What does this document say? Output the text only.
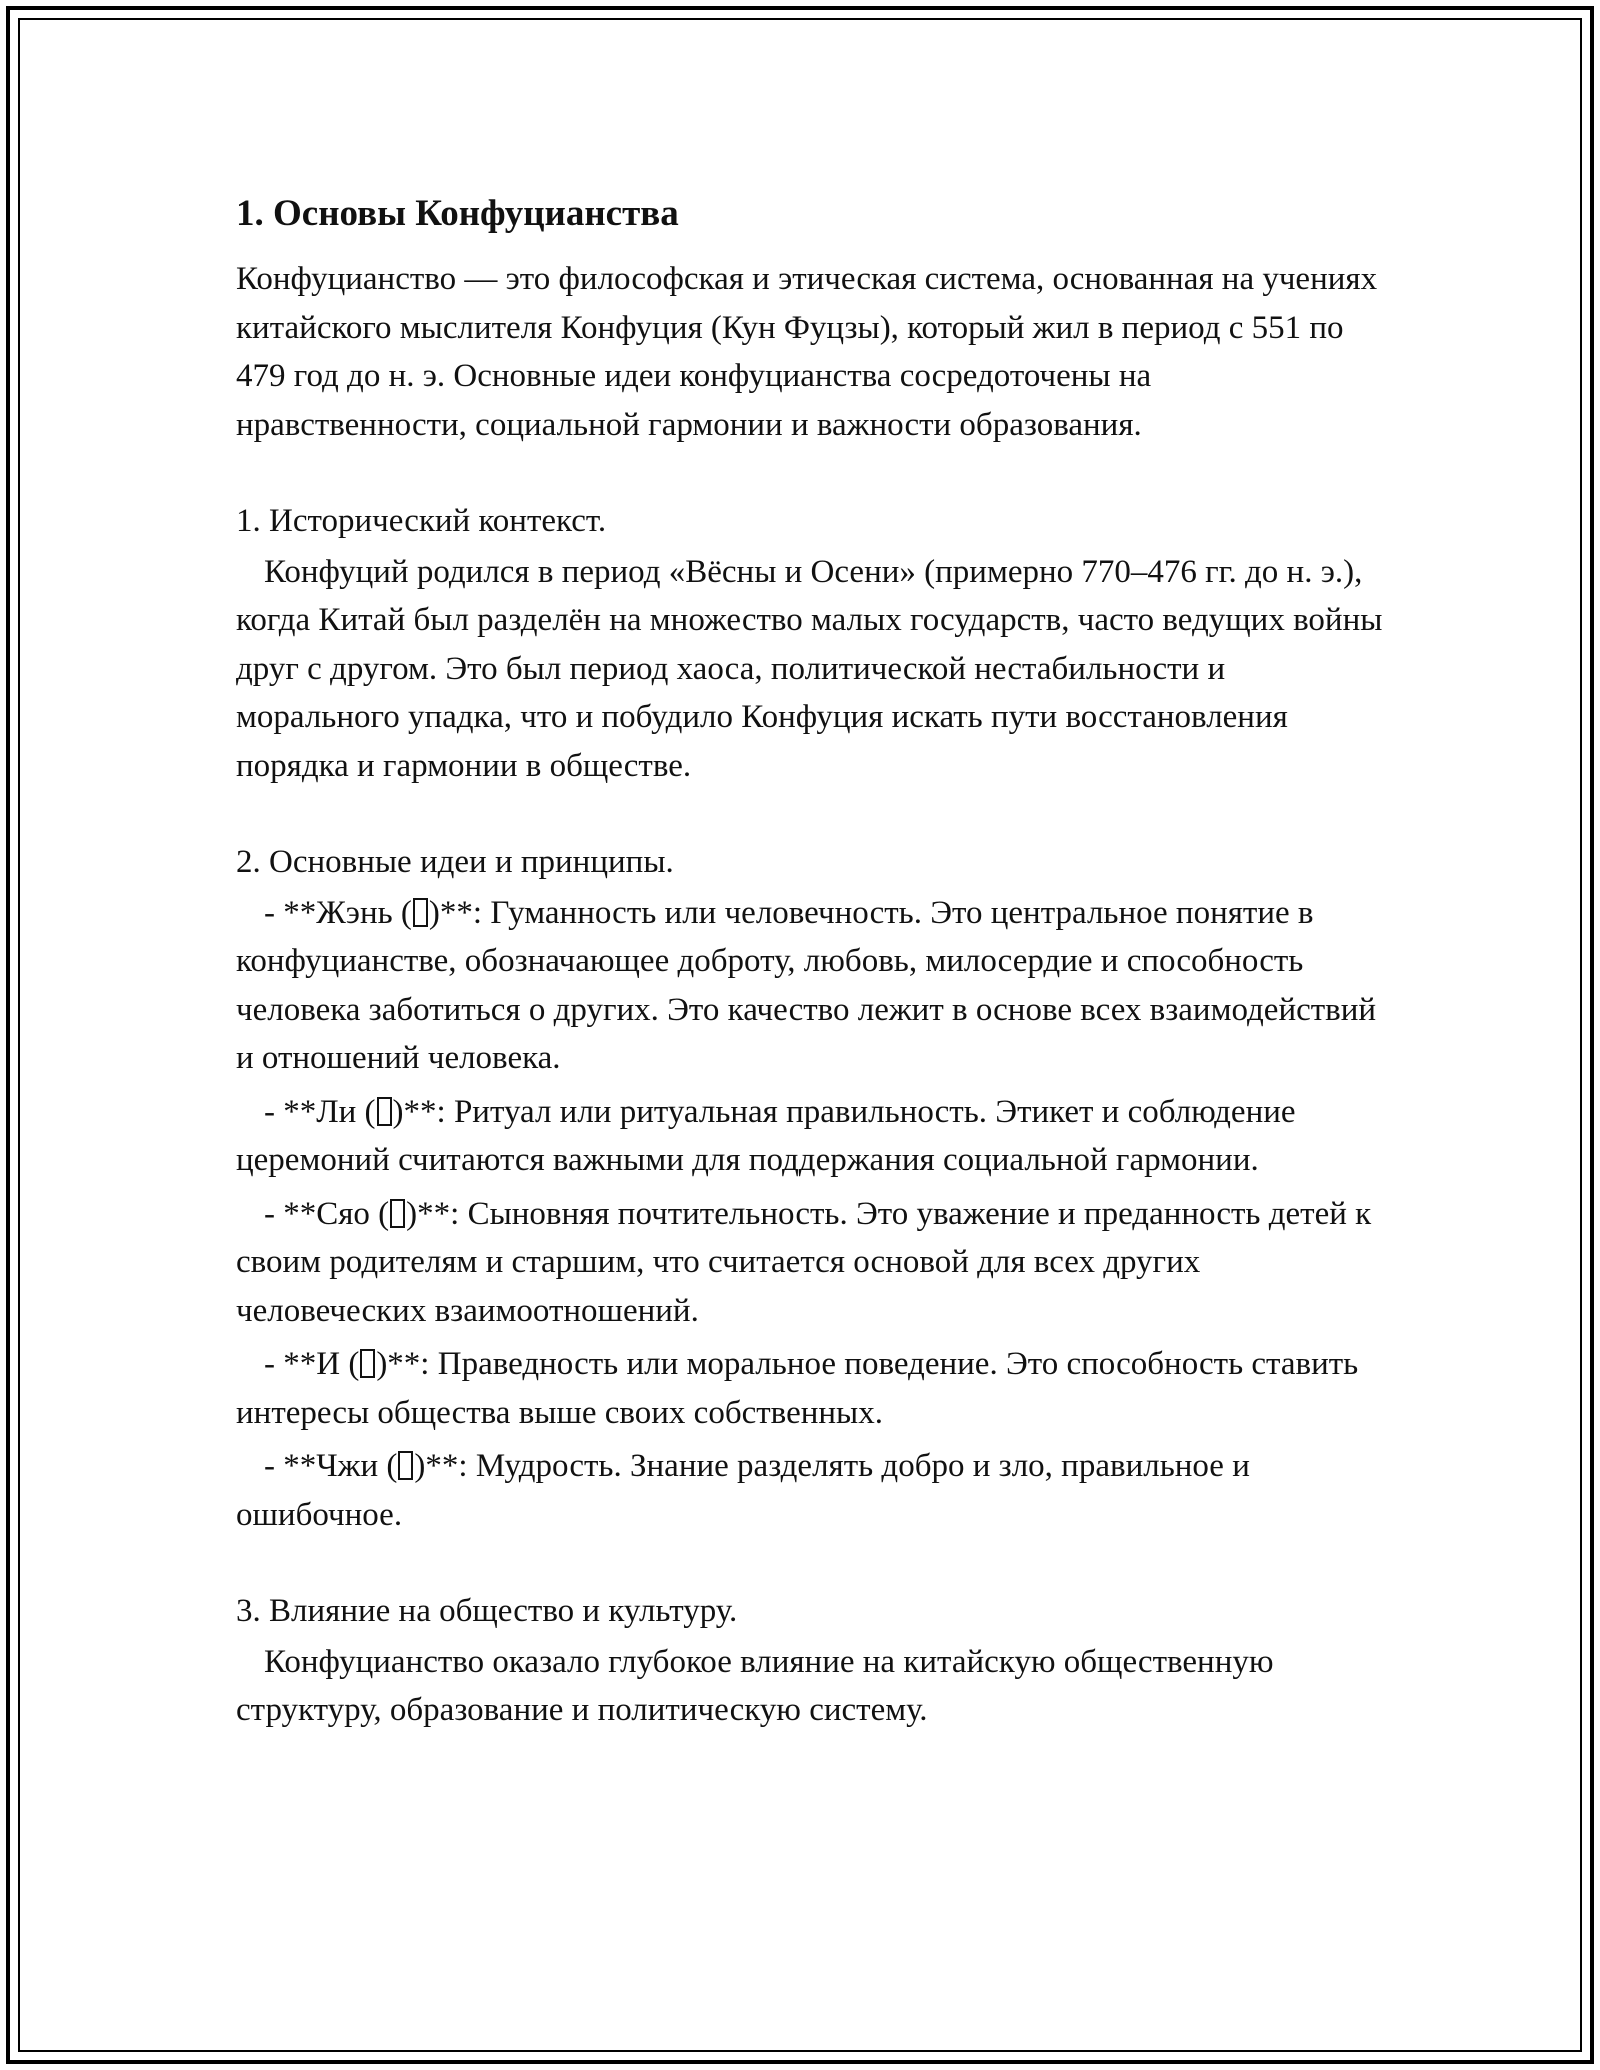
1. Основы Конфуцианства

Конфуцианство — это философская и этическая система, основанная на учениях китайского мыслителя Конфуция (Кун Фуцзы), который жил в период с 551 по 479 год до н. э. Основные идеи конфуцианства сосредоточены на нравственности, социальной гармонии и важности образования.

1. Исторический контекст.

Конфуций родился в период «Вёсны и Осени» (примерно 770–476 гг. до н. э.), когда Китай был разделён на множество малых государств, часто ведущих войны друг с другом. Это был период хаоса, политической нестабильности и морального упадка, что и побудило Конфуция искать пути восстановления порядка и гармонии в обществе.

2. Основные идеи и принципы.

- **Жэнь ( )**: Гуманность или человечность. Это центральное понятие в конфуцианстве, обозначающее доброту, любовь, милосердие и способность человека заботиться о других. Это качество лежит в основе всех взаимодействий и отношений человека.

- **Ли ( )**: Ритуал или ритуальная правильность. Этикет и соблюдение церемоний считаются важными для поддержания социальной гармонии.

- **Сяо ( )**: Сыновняя почтительность. Это уважение и преданность детей к своим родителям и старшим, что считается основой для всех других человеческих взаимоотношений.

- **И ( )**: Праведность или моральное поведение. Это способность ставить интересы общества выше своих собственных.

- **Чжи ( )**: Мудрость. Знание разделять добро и зло, правильное и ошибочное.

3. Влияние на общество и культуру.

Конфуцианство оказало глубокое влияние на китайскую общественную структуру, образование и политическую систему.
